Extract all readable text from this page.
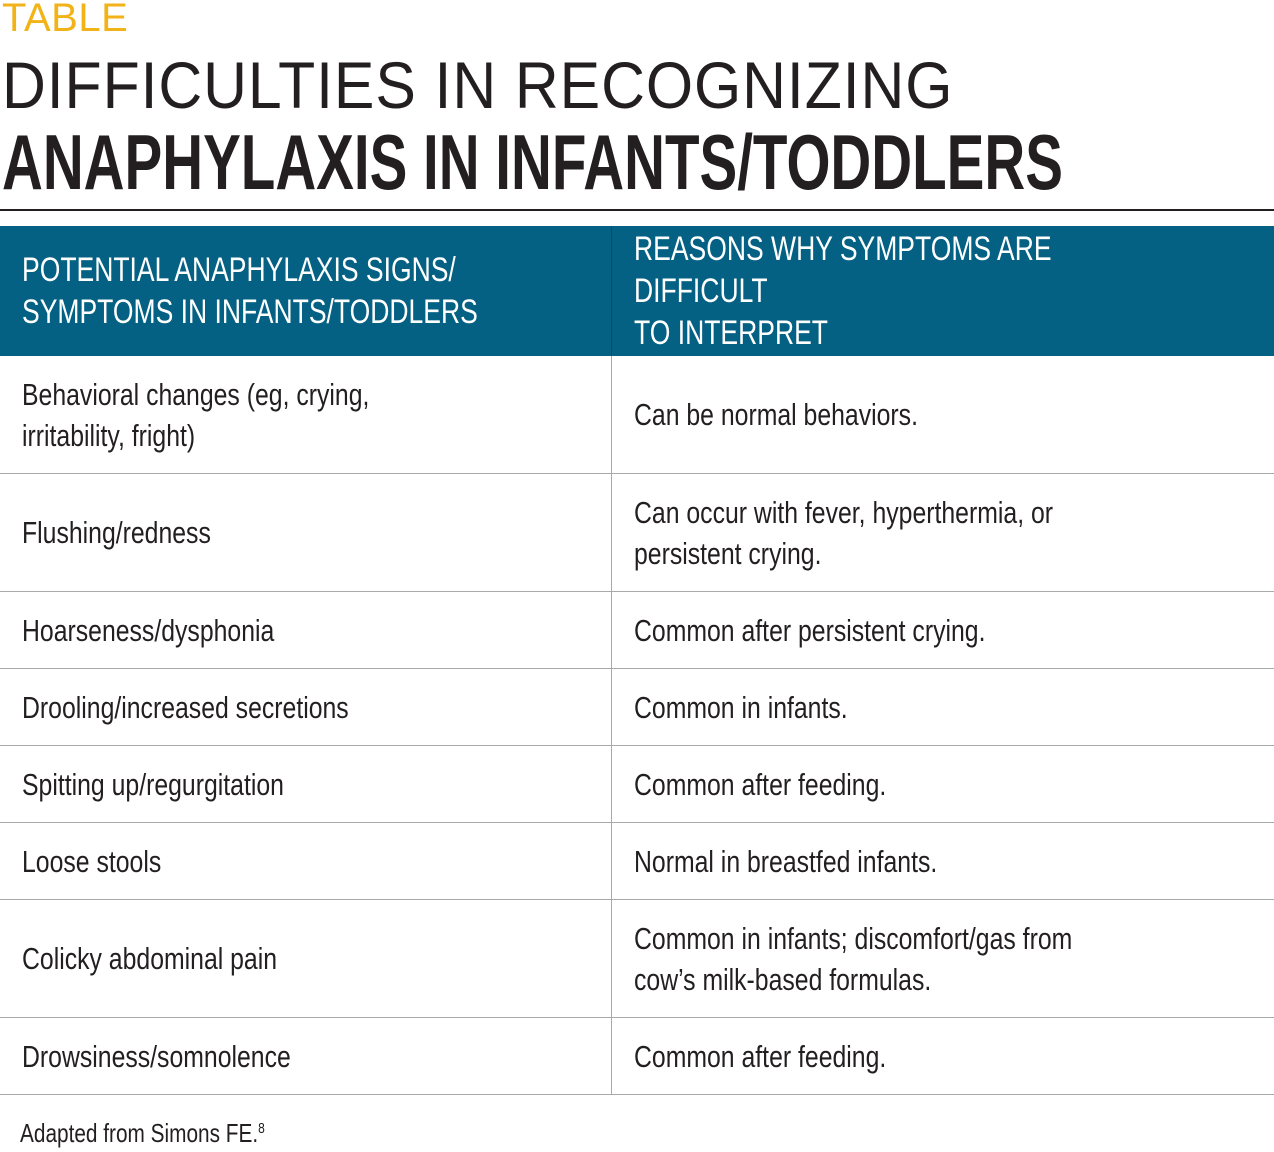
TABLE
DIFFICULTIES IN RECOGNIZING
ANAPHYLAXIS IN INFANTS/TODDLERS
POTENTIAL ANAPHYLAXIS SIGNS/
SYMPTOMS IN INFANTS/TODDLERS	REASONS WHY SYMPTOMS ARE DIFFICULT
TO INTERPRET
Behavioral changes (eg, crying,
irritability, fright)	Can be normal behaviors.
Flushing/redness	Can occur with fever, hyperthermia, or
persistent crying.
Hoarseness/dysphonia	Common after persistent crying.
Drooling/increased secretions	Common in infants.
Spitting up/regurgitation	Common after feeding.
Loose stools	Normal in breastfed infants.
Colicky abdominal pain	Common in infants; discomfort/gas from
cow’s milk-based formulas.
Drowsiness/somnolence	Common after feeding.
Adapted from Simons FE.$^8$
